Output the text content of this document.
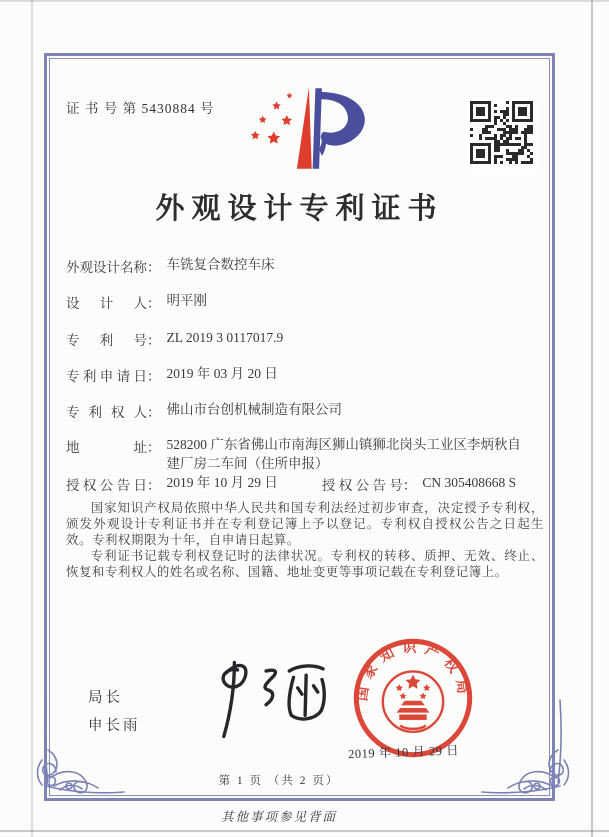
证 书 号 第 5430884 号
外观设计专利证书
外观设计名称 ： 车铣复合数控车床
设计人 ： 明平刚
专利号 ： ZL 2019 3 0117017.9
专利申请日 ： 2019 年 03 月 20 日
专利权人 ： 佛山市台创机械制造有限公司
地址 ： 528200 广东省佛山市南海区狮山镇狮北岗头工业区李炳秋自建厂房二车间（住所申报）
授权公告日 ： 2019 年 10 月 29 日	授权公告号 ： CN 305408668 S

国家知识产权局依照中华人民共和国专利法经过初步审查，决定授予专利权，颁发外观设计专利证书并在专利登记簿上予以登记。专利权自授权公告之日起生效。专利权期限为十年，自申请日起算。

专利证书记载专利权登记时的法律状况。专利权的转移、质押、无效、终止、恢复和专利权人的姓名或名称、国籍、地址变更等事项记载在专利登记簿上。

局长
申长雨
国家知识产权局
2019 年 10 月 29 日
第 1 页 （共 2 页）
其他事项参见背面
